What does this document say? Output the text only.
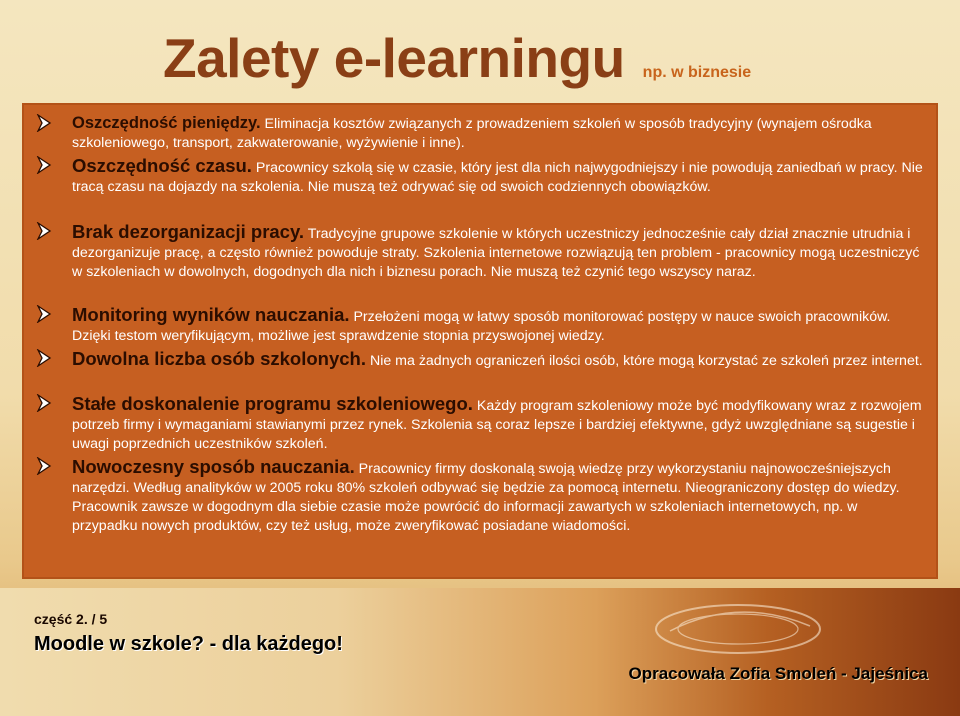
Zalety e-learningu np. w biznesie
Oszczędność pieniędzy. Eliminacja kosztów związanych z prowadzeniem szkoleń w sposób tradycyjny (wynajem ośrodka szkoleniowego, transport, zakwaterowanie, wyżywienie i inne).
Oszczędność czasu. Pracownicy szkolą się w czasie, który jest dla nich najwygodniejszy i nie powodują zaniedbań w pracy. Nie tracą czasu na dojazdy na szkolenia. Nie muszą też odrywać się od swoich codziennych obowiązków.
Brak dezorganizacji pracy. Tradycyjne grupowe szkolenie w których uczestniczy jednocześnie cały dział znacznie utrudnia i dezorganizuje pracę, a często również powoduje straty. Szkolenia internetowe rozwiązują ten problem - pracownicy mogą uczestniczyć w szkoleniach w dowolnych, dogodnych dla nich i biznesu porach. Nie muszą też czynić tego wszyscy naraz.
Monitoring wyników nauczania. Przełożeni mogą w łatwy sposób monitorować postępy w nauce swoich pracowników. Dzięki testom weryfikującym, możliwe jest sprawdzenie stopnia przyswojonej wiedzy.
Dowolna liczba osób szkolonych. Nie ma żadnych ograniczeń ilości osób, które mogą korzystać ze szkoleń przez internet.
Stałe doskonalenie programu szkoleniowego. Każdy program szkoleniowy może być modyfikowany wraz z rozwojem potrzeb firmy i wymaganiami stawianymi przez rynek. Szkolenia są coraz lepsze i bardziej efektywne, gdyż uwzględniane są sugestie i uwagi poprzednich uczestników szkoleń.
Nowoczesny sposób nauczania. Pracownicy firmy doskonalą swoją wiedzę przy wykorzystaniu najnowocześniejszych narzędzi. Według analityków w 2005 roku 80% szkoleń odbywać się będzie za pomocą internetu. Nieograniczony dostęp do wiedzy. Pracownik zawsze w dogodnym dla siebie czasie może powrócić do informacji zawartych w szkoleniach internetowych, np. w przypadku nowych produktów, czy też usług, może zweryfikować posiadane wiadomości.
część 2. / 5
Moodle w szkole? - dla każdego!
Opracowała Zofia Smoleń - Jajeśnica
